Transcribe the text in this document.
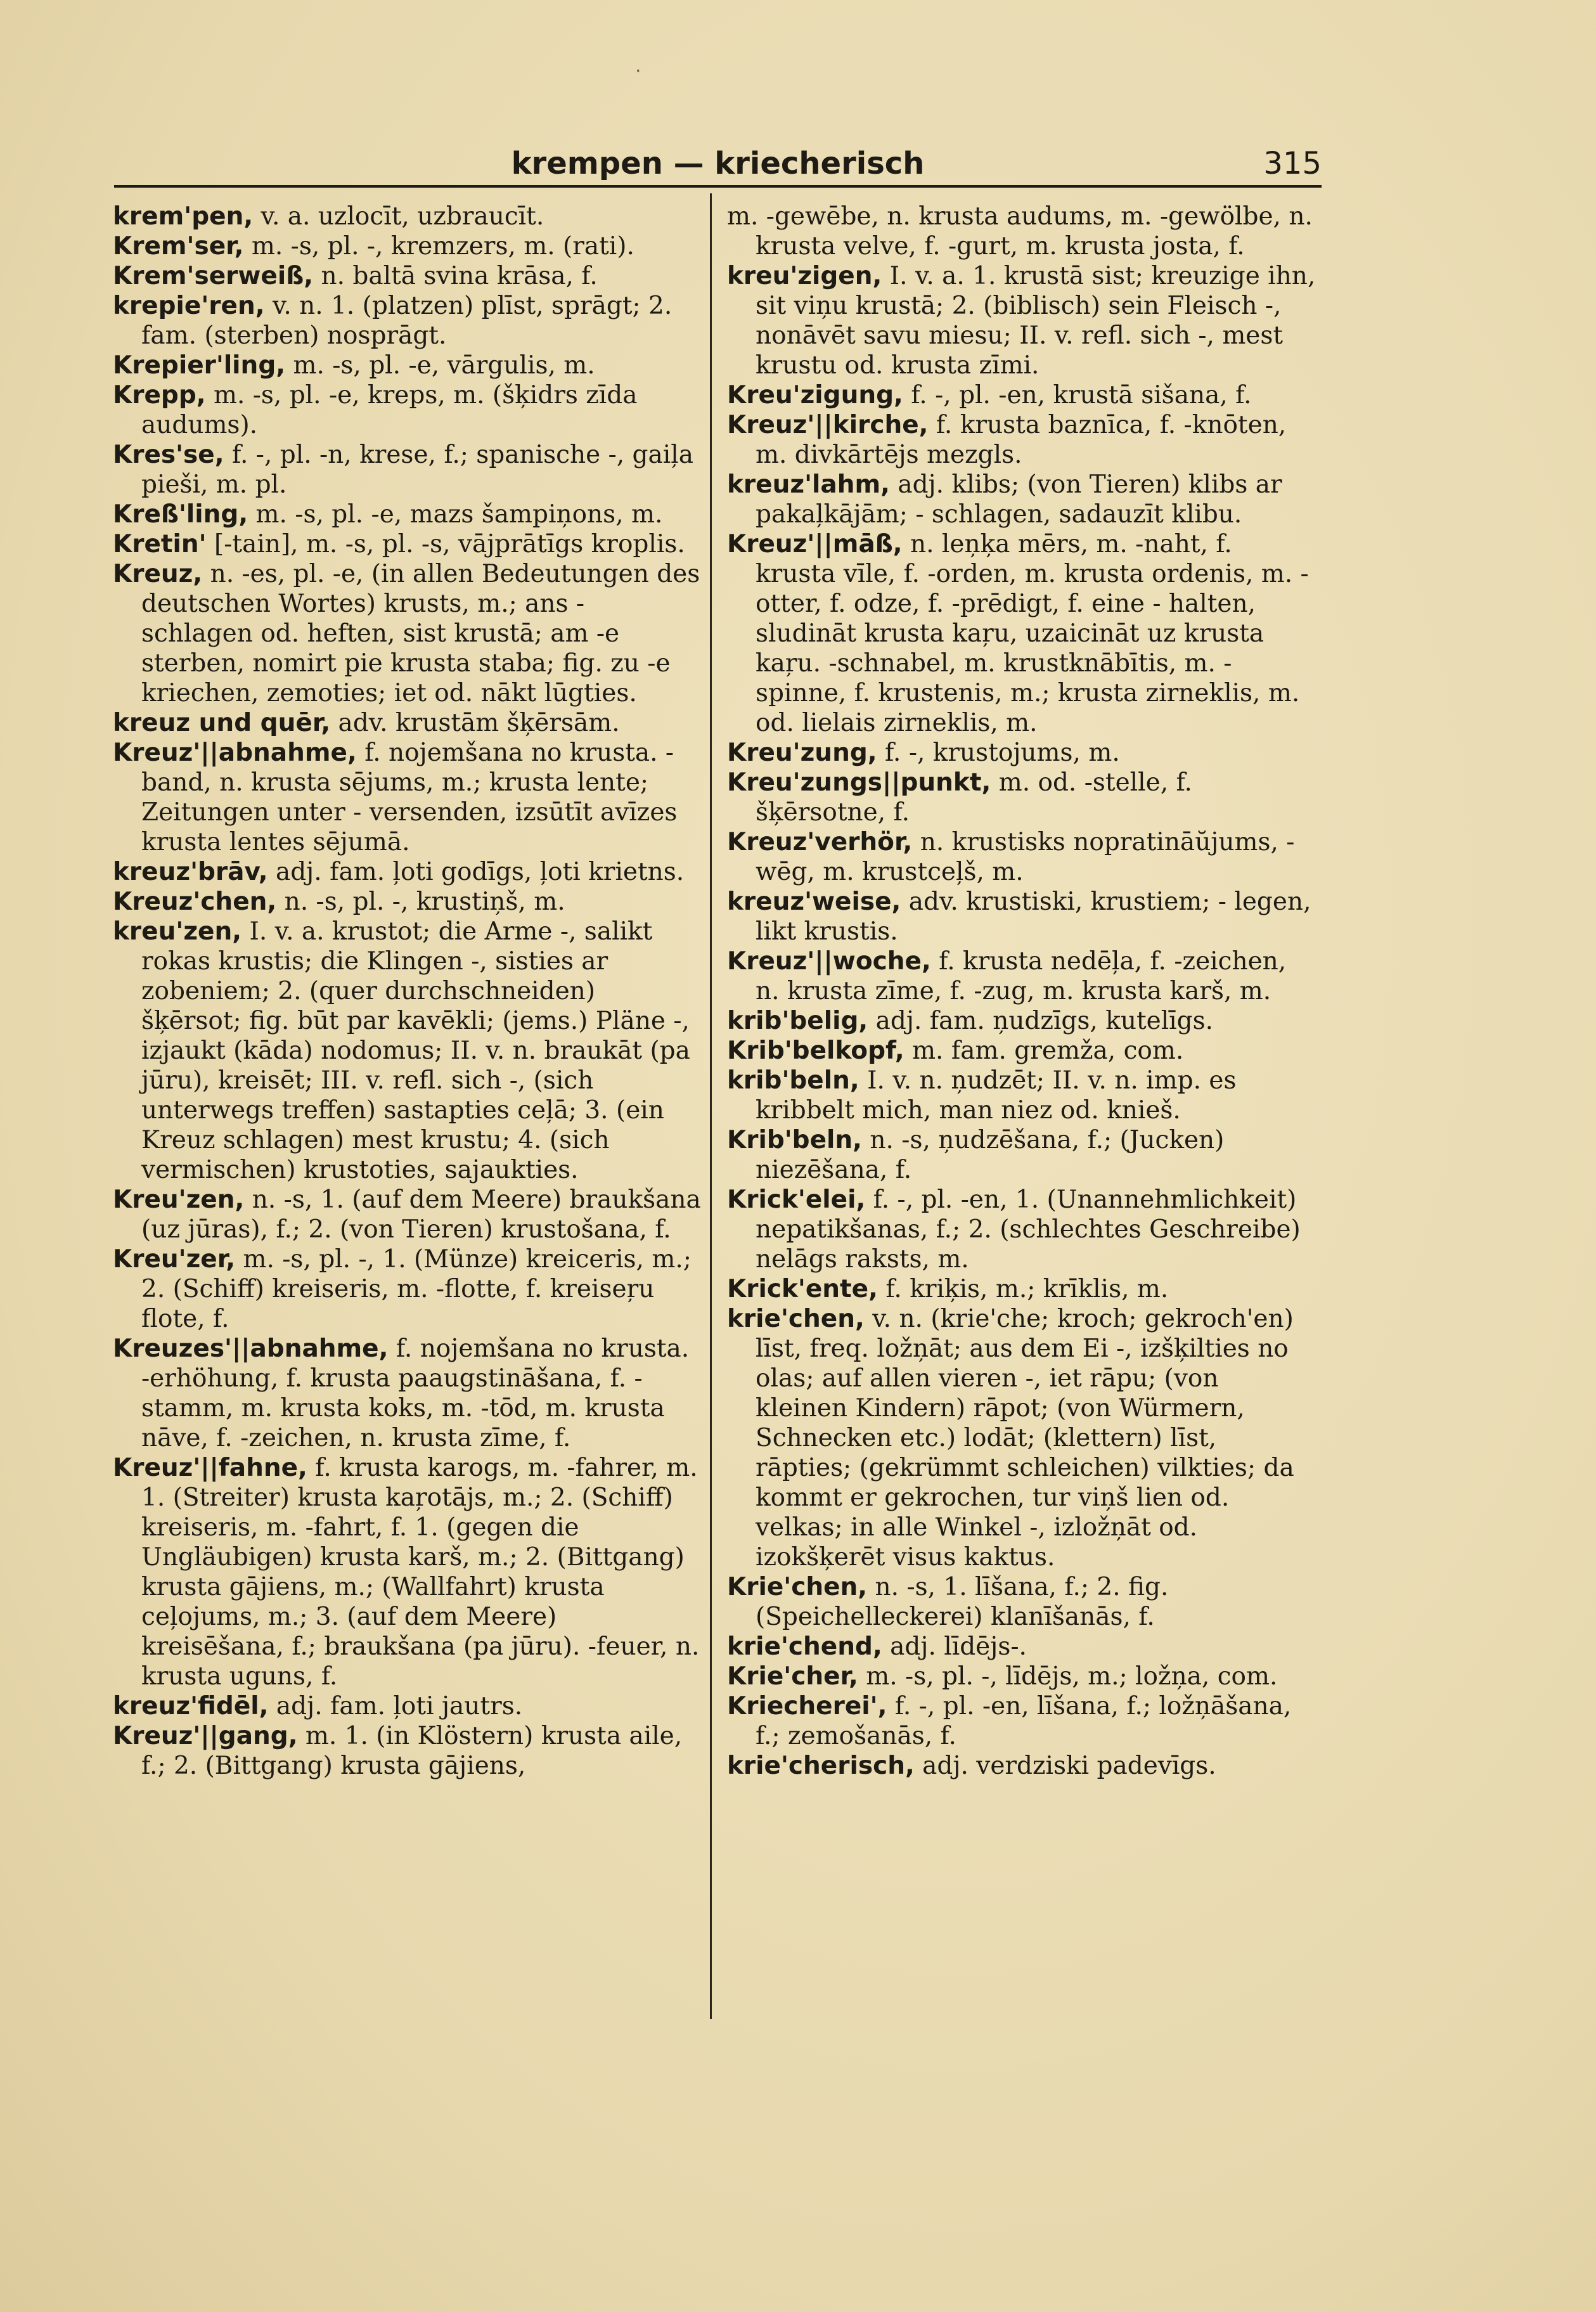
krempen — kriecherisch	315

krem'pen, v. a. uzlocīt, uzbraucīt.

Krem'ser, m. -s, pl. -, kremzers, m. (rati).

Krem'serweiß, n. baltā svina krāsa, f.

krepie'ren, v. n. 1. (platzen) plīst, sprāgt; 2. fam. (sterben) nosprāgt.

Krepier'ling, m. -s, pl. -e, vārgulis, m.

Krepp, m. -s, pl. -e, kreps, m. (šķidrs zīda audums).

Kres'se, f. -, pl. -n, krese, f.; spanische -, gaiļa pieši, m. pl.

Kreß'ling, m. -s, pl. -e, mazs šampiņons, m.

Kretin' [-tain], m. -s, pl. -s, vājprātīgs kroplis.

Kreuz, n. -es, pl. -e, (in allen Bedeutungen des deutschen Wortes) krusts, m.; ans - schlagen od. heften, sist krustā; am -e sterben, nomirt pie krusta staba; fig. zu -e kriechen, zemoties; iet od. nākt lūgties.

kreuz und quēr, adv. krustām šķērsām.

Kreuz'||abnahme, f. nojemšana no krusta. -band, n. krusta sējums, m.; krusta lente; Zeitungen unter - versenden, izsūtīt avīzes krusta lentes sējumā.

kreuz'brāv, adj. fam. ļoti godīgs, ļoti krietns.

Kreuz'chen, n. -s, pl. -, krustiņš, m.

kreu'zen, I. v. a. krustot; die Arme -, salikt rokas krustis; die Klingen -, sisties ar zobeniem; 2. (quer durchschneiden) šķērsot; fig. būt par kavēkli; (jems.) Pläne -, izjaukt (kāda) nodomus; II. v. n. braukāt (pa jūru), kreisēt; III. v. refl. sich -, (sich unterwegs treffen) sastapties ceļā; 3. (ein Kreuz schlagen) mest krustu; 4. (sich vermischen) krustoties, sajaukties.

Kreu'zen, n. -s, 1. (auf dem Meere) braukšana (uz jūras), f.; 2. (von Tieren) krustošana, f.

Kreu'zer, m. -s, pl. -, 1. (Münze) kreiceris, m.; 2. (Schiff) kreiseris, m. -flotte, f. kreiseŗu flote, f.

Kreuzes'||abnahme, f. nojemšana no krusta. -erhöhung, f. krusta paaugstināšana, f. -stamm, m. krusta koks, m. -tōd, m. krusta nāve, f. -zeichen, n. krusta zīme, f.

Kreuz'||fahne, f. krusta karogs, m. -fahrer, m. 1. (Streiter) krusta kaŗotājs, m.; 2. (Schiff) kreiseris, m. -fahrt, f. 1. (gegen die Ungläubigen) krusta karš, m.; 2. (Bittgang) krusta gājiens, m.; (Wallfahrt) krusta ceļojums, m.; 3. (auf dem Meere) kreisēšana, f.; braukšana (pa jūru). -feuer, n. krusta uguns, f.

kreuz'fidēl, adj. fam. ļoti jautrs.

Kreuz'||gang, m. 1. (in Klöstern) krusta aile, f.; 2. (Bittgang) krusta gājiens,

m. -gewēbe, n. krusta audums, m. -gewölbe, n. krusta velve, f. -gurt, m. krusta josta, f.

kreu'zigen, I. v. a. 1. krustā sist; kreuzige ihn, sit viņu krustā; 2. (biblisch) sein Fleisch -, nonāvēt savu miesu; II. v. refl. sich -, mest krustu od. krusta zīmi.

Kreu'zigung, f. -, pl. -en, krustā sišana, f.

Kreuz'||kirche, f. krusta baznīca, f. -knōten, m. divkārtējs mezgls.

kreuz'lahm, adj. klibs; (von Tieren) klibs ar pakaļkājām; - schlagen, sadauzīt klibu.

Kreuz'||māß, n. leņķa mērs, m. -naht, f. krusta vīle, f. -orden, m. krusta ordenis, m. -otter, f. odze, f. -prēdigt, f. eine - halten, sludināt krusta kaŗu, uzaicināt uz krusta kaŗu. -schnabel, m. krustknābītis, m. -spinne, f. krustenis, m.; krusta zirneklis, m. od. lielais zirneklis, m.

Kreu'zung, f. -, krustojums, m.

Kreu'zungs||punkt, m. od. -stelle, f. šķērsotne, f.

Kreuz'verhör, n. krustisks nopratināŭjums, -wēg, m. krustceļš, m.

kreuz'weise, adv. krustiski, krustiem; - legen, likt krustis.

Kreuz'||woche, f. krusta nedēļa, f. -zeichen, n. krusta zīme, f. -zug, m. krusta karš, m.

krib'belig, adj. fam. ņudzīgs, kutelīgs.

Krib'belkopf, m. fam. gremža, com.

krib'beln, I. v. n. ņudzēt; II. v. n. imp. es kribbelt mich, man niez od. knieš.

Krib'beln, n. -s, ņudzēšana, f.; (Jucken) niezēšana, f.

Krick'elei, f. -, pl. -en, 1. (Unannehmlichkeit) nepatikšanas, f.; 2. (schlechtes Geschreibe) nelāgs raksts, m.

Krick'ente, f. kriķis, m.; krīklis, m.

krie'chen, v. n. (krie'che; kroch; gekroch'en) līst, freq. ložņāt; aus dem Ei -, izšķilties no olas; auf allen vieren -, iet rāpu; (von kleinen Kindern) rāpot; (von Würmern, Schnecken etc.) lodāt; (klettern) līst, rāpties; (gekrümmt schleichen) vilkties; da kommt er gekrochen, tur viņš lien od. velkas; in alle Winkel -, izložņāt od. izokšķerēt visus kaktus.

Krie'chen, n. -s, 1. līšana, f.; 2. fig. (Speichelleckerei) klanīšanās, f.

krie'chend, adj. līdējs-.

Krie'cher, m. -s, pl. -, līdējs, m.; ložņa, com.

Kriecherei', f. -, pl. -en, līšana, f.; ložņāšana, f.; zemošanās, f.

krie'cherisch, adj. verdziski padevīgs.

·
